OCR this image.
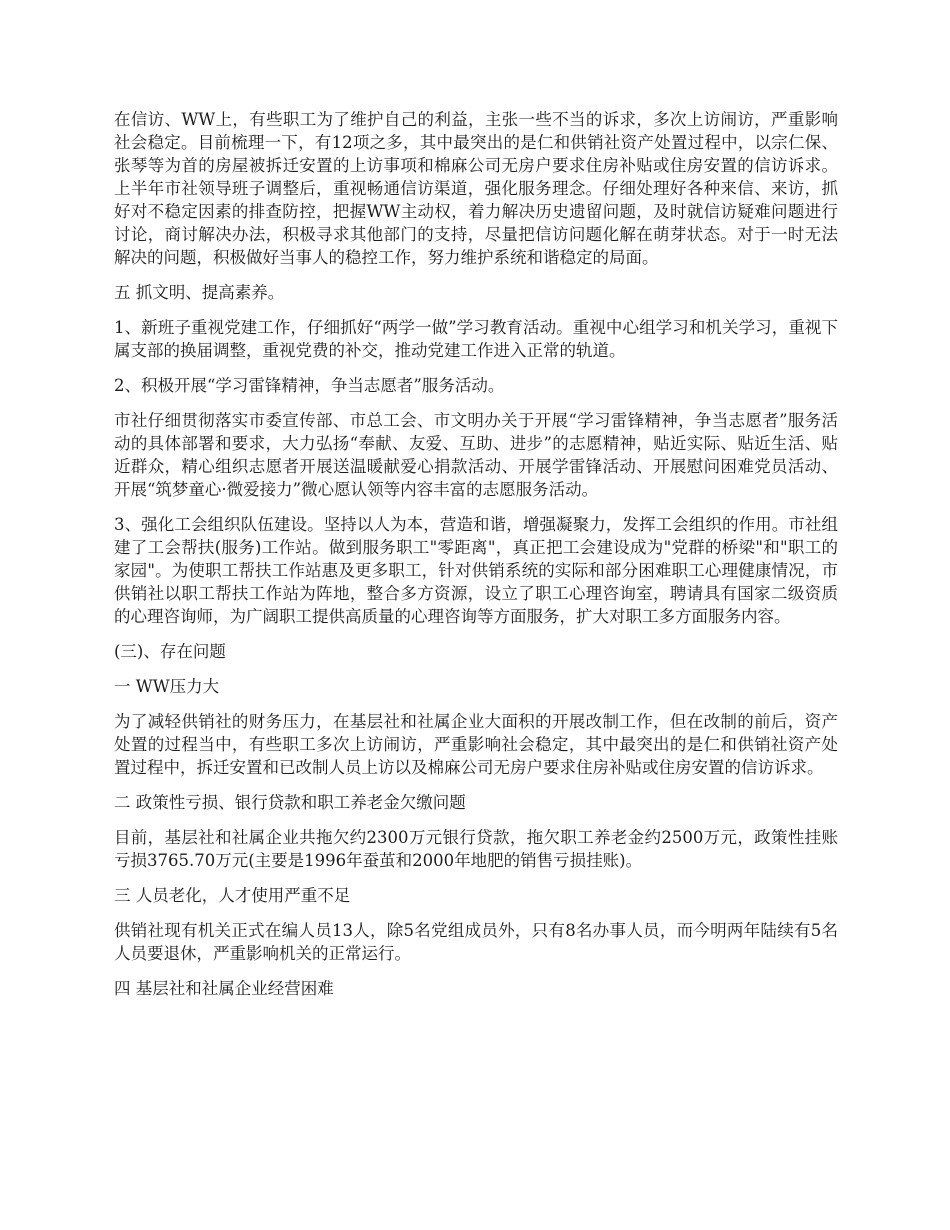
在信访、WW上，有些职工为了维护自己的利益，主张一些不当的诉求，多次上访闹访，严重影响社会稳定。目前梳理一下，有12项之多，其中最突出的是仁和供销社资产处置过程中，以宗仁保、张琴等为首的房屋被拆迁安置的上访事项和棉麻公司无房户要求住房补贴或住房安置的信访诉求。上半年市社领导班子调整后，重视畅通信访渠道，强化服务理念。仔细处理好各种来信、来访，抓好对不稳定因素的排查防控，把握WW主动权，着力解决历史遗留问题，及时就信访疑难问题进行讨论，商讨解决办法，积极寻求其他部门的支持，尽量把信访问题化解在萌芽状态。对于一时无法解决的问题，积极做好当事人的稳控工作，努力维护系统和谐稳定的局面。

五 抓文明、提高素养。

1、新班子重视党建工作，仔细抓好“两学一做”学习教育活动。重视中心组学习和机关学习，重视下属支部的换届调整，重视党费的补交，推动党建工作进入正常的轨道。

2、积极开展“学习雷锋精神，争当志愿者”服务活动。

市社仔细贯彻落实市委宣传部、市总工会、市文明办关于开展“学习雷锋精神，争当志愿者”服务活动的具体部署和要求，大力弘扬“奉献、友爱、互助、进步”的志愿精神，贴近实际、贴近生活、贴近群众，精心组织志愿者开展送温暖献爱心捐款活动、开展学雷锋活动、开展慰问困难党员活动、开展“筑梦童心·微爱接力”微心愿认领等内容丰富的志愿服务活动。

3、强化工会组织队伍建设。坚持以人为本，营造和谐，增强凝聚力，发挥工会组织的作用。市社组建了工会帮扶(服务)工作站。做到服务职工"零距离"，真正把工会建设成为"党群的桥梁"和"职工的家园"。为使职工帮扶工作站惠及更多职工，针对供销系统的实际和部分困难职工心理健康情况，市供销社以职工帮扶工作站为阵地，整合多方资源，设立了职工心理咨询室，聘请具有国家二级资质的心理咨询师，为广阔职工提供高质量的心理咨询等方面服务，扩大对职工多方面服务内容。

(三)、存在问题

一 WW压力大

为了减轻供销社的财务压力，在基层社和社属企业大面积的开展改制工作，但在改制的前后，资产处置的过程当中，有些职工多次上访闹访，严重影响社会稳定，其中最突出的是仁和供销社资产处置过程中，拆迁安置和已改制人员上访以及棉麻公司无房户要求住房补贴或住房安置的信访诉求。

二 政策性亏损、银行贷款和职工养老金欠缴问题

目前，基层社和社属企业共拖欠约2300万元银行贷款，拖欠职工养老金约2500万元，政策性挂账亏损3765.70万元(主要是1996年蚕茧和2000年地肥的销售亏损挂账)。

三 人员老化，人才使用严重不足

供销社现有机关正式在编人员13人，除5名党组成员外，只有8名办事人员，而今明两年陆续有5名人员要退休，严重影响机关的正常运行。

四 基层社和社属企业经营困难
